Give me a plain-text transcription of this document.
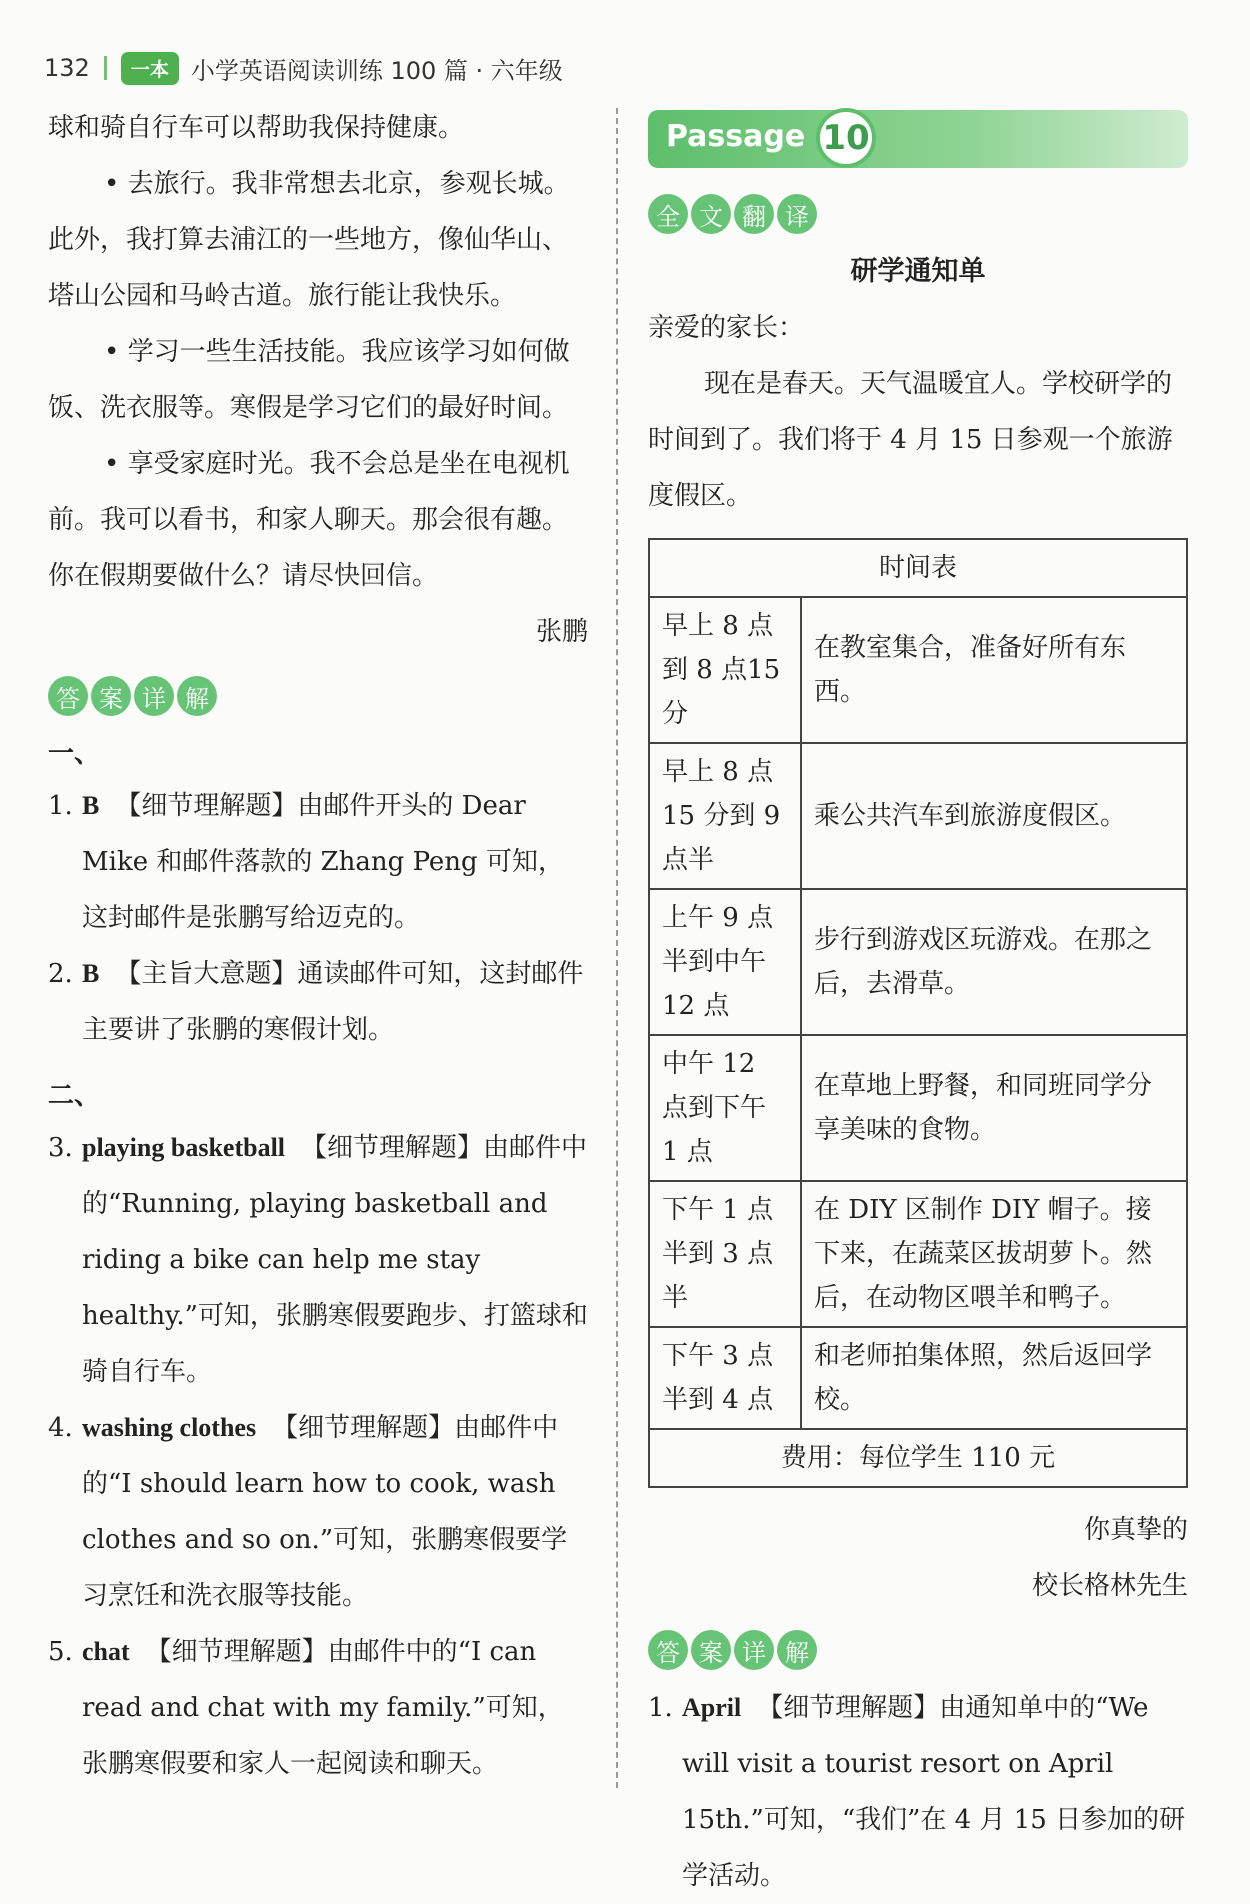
132	一本 小学英语阅读训练 100 篇 · 六年级

球和骑自行车可以帮助我保持健康。

• 去旅行。我非常想去北京，参观长城。此外，我打算去浦江的一些地方，像仙华山、塔山公园和马岭古道。旅行能让我快乐。

• 学习一些生活技能。我应该学习如何做饭、洗衣服等。寒假是学习它们的最好时间。

• 享受家庭时光。我不会总是坐在电视机前。我可以看书，和家人聊天。那会很有趣。你在假期要做什么？请尽快回信。

张鹏

答 案 详 解
一、
1. B 【细节理解题】由邮件开头的 Dear Mike 和邮件落款的 Zhang Peng 可知，这封邮件是张鹏写给迈克的。
2. B 【主旨大意题】通读邮件可知，这封邮件主要讲了张鹏的寒假计划。
二、
3. playing basketball 【细节理解题】由邮件中的“Running, playing basketball and riding a bike can help me stay healthy.”可知，张鹏寒假要跑步、打篮球和骑自行车。
4. washing clothes 【细节理解题】由邮件中的“I should learn how to cook, wash clothes and so on.”可知，张鹏寒假要学习烹饪和洗衣服等技能。
5. chat 【细节理解题】由邮件中的“I can read and chat with my family.”可知，张鹏寒假要和家人一起阅读和聊天。
Passage 10
全 文 翻 译

研学通知单

亲爱的家长：

现在是春天。天气温暖宜人。学校研学的时间到了。我们将于 4 月 15 日参观一个旅游度假区。

时间表	
早上 8 点到 8 点15 分	在教室集合，准备好所有东西。
早上 8 点 15 分到 9 点半	乘公共汽车到旅游度假区。
上午 9 点半到中午 12 点	步行到游戏区玩游戏。在那之后，去滑草。
中午 12 点到下午 1 点	在草地上野餐，和同班同学分享美味的食物。
下午 1 点半到 3 点半	在 DIY 区制作 DIY 帽子。接下来，在蔬菜区拔胡萝卜。然后，在动物区喂羊和鸭子。
下午 3 点半到 4 点	和老师拍集体照，然后返回学校。
费用：每位学生 110 元	

你真挚的

校长格林先生

答 案 详 解
1. April 【细节理解题】由通知单中的“We will visit a tourist resort on April 15th.”可知，“我们”在 4 月 15 日参加的研学活动。
